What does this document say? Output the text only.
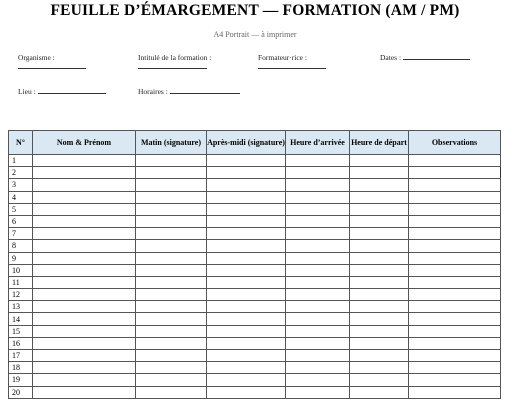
FEUILLE D’ÉMARGEMENT — FORMATION (AM / PM)
A4 Portrait — à imprimer
Organisme :	Intitulé de la formation :	Formateur·rice :	Dates :
Lieu :	Horaires :
N°	Nom & Prénom	Matin (signature)	Après-midi (signature)	Heure d’arrivée	Heure de départ	Observations
1						
2						
3						
4						
5						
6						
7						
8						
9						
10						
11						
12						
13						
14						
15						
16						
17						
18						
19						
20						
